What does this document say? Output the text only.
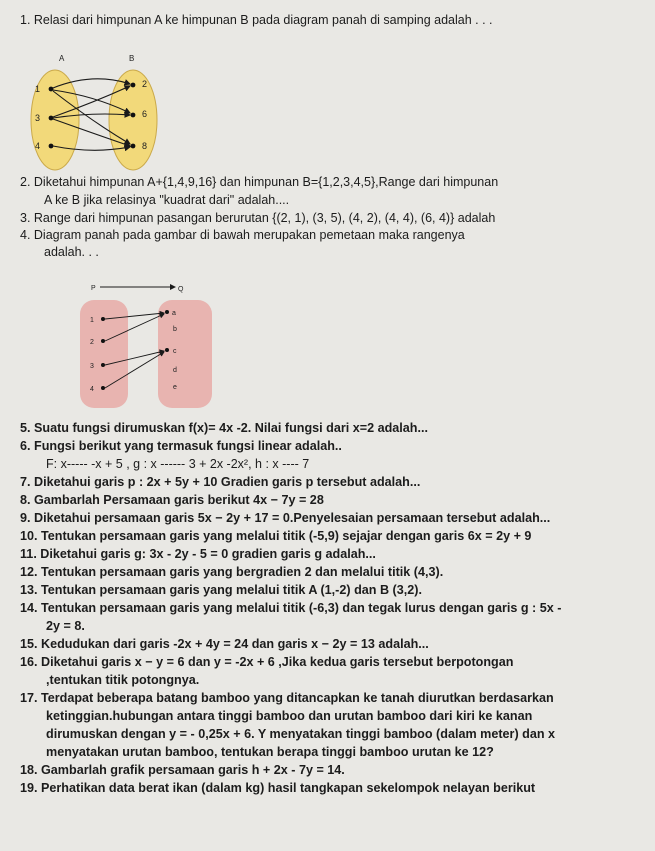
1. Relasi dari himpunan A ke himpunan B pada diagram panah di samping adalah . . .
A	B
1
3
4
2
6
8
2. Diketahui himpunan A+{1,4,9,16} dan himpunan B={1,2,3,4,5},Range dari himpunan
A ke B jika relasinya "kuadrat dari" adalah....
3. Range dari himpunan pasangan berurutan {(2, 1), (3, 5), (4, 2), (4, 4), (6, 4)} adalah
4. Diagram panah pada gambar di bawah merupakan pemetaan maka rangenya
adalah. . .
P	Q
1
2
3
4
a
b
c
d
e
5. Suatu fungsi dirumuskan f(x)= 4x -2. Nilai fungsi dari x=2 adalah...
6. Fungsi berikut yang termasuk fungsi linear adalah..
F: x----- -x + 5 , g : x ------ 3 + 2x -2x², h : x ---- 7
7. Diketahui garis p : 2x + 5y + 10 Gradien garis p tersebut adalah...
8. Gambarlah Persamaan garis berikut 4x − 7y = 28
9. Diketahui persamaan garis 5x − 2y + 17 = 0.Penyelesaian persamaan tersebut adalah...
10. Tentukan persamaan garis yang melalui titik (-5,9) sejajar dengan garis 6x = 2y + 9
11. Diketahui garis g: 3x - 2y - 5 = 0 gradien garis g adalah...
12. Tentukan persamaan garis yang bergradien 2 dan melalui titik (4,3).
13. Tentukan persamaan garis yang melalui titik A (1,-2) dan B (3,2).
14. Tentukan persamaan garis yang melalui titik (-6,3) dan tegak lurus dengan garis g : 5x -
2y = 8.
15. Kedudukan dari garis -2x + 4y = 24 dan garis x − 2y = 13 adalah...
16. Diketahui garis x − y = 6 dan y = -2x + 6 ,Jika kedua garis tersebut berpotongan
,tentukan titik potongnya.
17. Terdapat beberapa batang bamboo yang ditancapkan ke tanah diurutkan berdasarkan
ketinggian.hubungan antara tinggi bamboo dan urutan bamboo dari kiri ke kanan
dirumuskan dengan y = - 0,25x + 6. Y menyatakan tinggi bamboo (dalam meter) dan x
menyatakan urutan bamboo, tentukan berapa tinggi bamboo urutan ke 12?
18. Gambarlah grafik persamaan garis h + 2x - 7y = 14.
19. Perhatikan data berat ikan (dalam kg) hasil tangkapan sekelompok nelayan berikut
